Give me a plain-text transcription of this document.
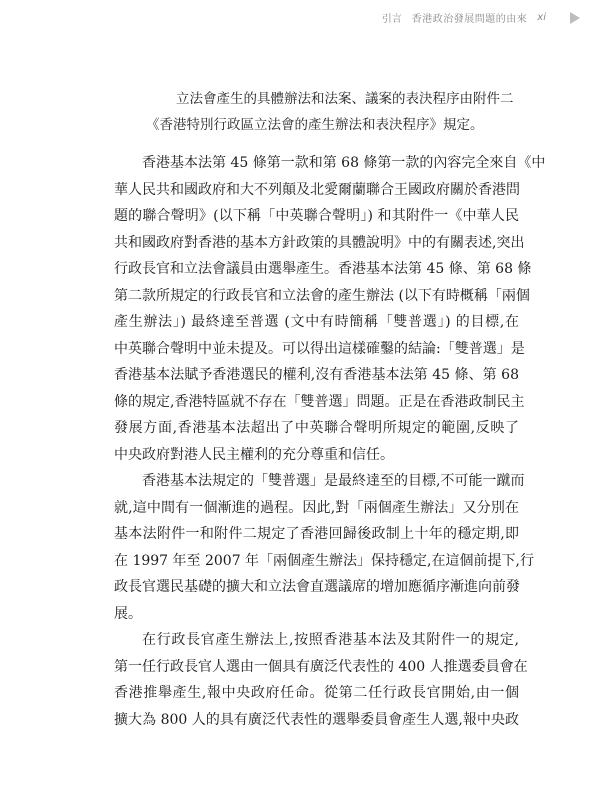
引言 香港政治發展問題的由來 xi

立法會產生的具體辦法和法案、議案的表決程序由附件二

《香港特別行政區立法會的產生辦法和表決程序》規定。

香港基本法第 45 條第一款和第 68 條第一款的內容完全來自《中
華人民共和國政府和大不列顛及北愛爾蘭聯合王國政府關於香港問
題的聯合聲明》(以下稱「中英聯合聲明」) 和其附件一《中華人民
共和國政府對香港的基本方針政策的具體說明》中的有關表述,突出
行政長官和立法會議員由選舉產生。香港基本法第 45 條、第 68 條
第二款所規定的行政長官和立法會的產生辦法 (以下有時概稱「兩個
產生辦法」) 最終達至普選 (文中有時簡稱「雙普選」) 的目標,在
中英聯合聲明中並未提及。可以得出這樣確鑿的結論:「雙普選」是
香港基本法賦予香港選民的權利,沒有香港基本法第 45 條、第 68
條的規定,香港特區就不存在「雙普選」問題。正是在香港政制民主
發展方面,香港基本法超出了中英聯合聲明所規定的範圍,反映了
中央政府對港人民主權利的充分尊重和信任。
香港基本法規定的「雙普選」是最終達至的目標,不可能一蹴而
就,這中間有一個漸進的過程。因此,對「兩個產生辦法」又分別在
基本法附件一和附件二規定了香港回歸後政制上十年的穩定期,即
在 1997 年至 2007 年「兩個產生辦法」保持穩定,在這個前提下,行
政長官選民基礎的擴大和立法會直選議席的增加應循序漸進向前發
展。
在行政長官產生辦法上,按照香港基本法及其附件一的規定,
第一任行政長官人選由一個具有廣泛代表性的 400 人推選委員會在
香港推舉產生,報中央政府任命。從第二任行政長官開始,由一個
擴大為 800 人的具有廣泛代表性的選舉委員會產生人選,報中央政
